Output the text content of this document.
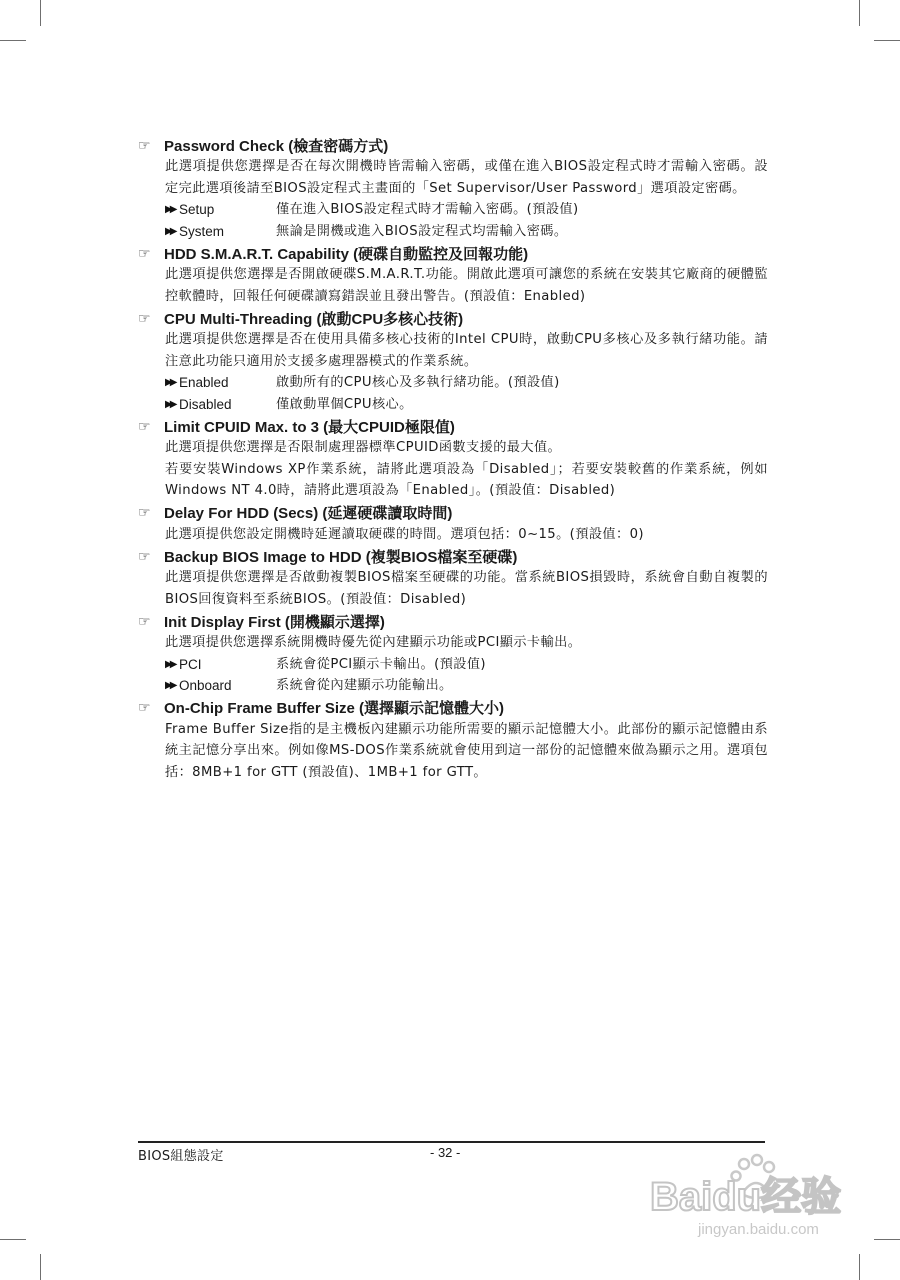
☞ Password Check (檢查密碼方式)

此選項提供您選擇是否在每次開機時皆需輸入密碼，或僅在進入BIOS設定程式時才需輸入密碼。設定完此選項後請至BIOS設定程式主畫面的「Set Supervisor/User Password」選項設定密碼。

▶▶ Setup	僅在進入BIOS設定程式時才需輸入密碼。(預設值)
▶▶ System	無論是開機或進入BIOS設定程式均需輸入密碼。
☞ HDD S.M.A.R.T. Capability (硬碟自動監控及回報功能)

此選項提供您選擇是否開啟硬碟S.M.A.R.T.功能。開啟此選項可讓您的系統在安裝其它廠商的硬體監控軟體時，回報任何硬碟讀寫錯誤並且發出警告。(預設值：Enabled)

☞ CPU Multi-Threading (啟動CPU多核心技術)

此選項提供您選擇是否在使用具備多核心技術的Intel CPU時，啟動CPU多核心及多執行緒功能。請注意此功能只適用於支援多處理器模式的作業系統。

▶▶ Enabled	啟動所有的CPU核心及多執行緒功能。(預設值)
▶▶ Disabled	僅啟動單個CPU核心。
☞ Limit CPUID Max. to 3 (最大CPUID極限值)

此選項提供您選擇是否限制處理器標準CPUID函數支援的最大值。

若要安裝Windows XP作業系統，請將此選項設為「Disabled」；若要安裝較舊的作業系統，例如Windows NT 4.0時，請將此選項設為「Enabled」。(預設值：Disabled)

☞ Delay For HDD (Secs) (延遲硬碟讀取時間)

此選項提供您設定開機時延遲讀取硬碟的時間。選項包括：0~15。(預設值：0)

☞ Backup BIOS Image to HDD (複製BIOS檔案至硬碟)

此選項提供您選擇是否啟動複製BIOS檔案至硬碟的功能。當系統BIOS損毀時，系統會自動自複製的BIOS回復資料至系統BIOS。(預設值：Disabled)

☞ Init Display First (開機顯示選擇)

此選項提供您選擇系統開機時優先從內建顯示功能或PCI顯示卡輸出。

▶▶ PCI	系統會從PCI顯示卡輸出。(預設值)
▶▶ Onboard	系統會從內建顯示功能輸出。
☞ On-Chip Frame Buffer Size (選擇顯示記憶體大小)

Frame Buffer Size指的是主機板內建顯示功能所需要的顯示記憶體大小。此部份的顯示記憶體由系統主記憶分享出來。例如像MS-DOS作業系統就會使用到這一部份的記憶體來做為顯示之用。選項包括：8MB+1 for GTT (預設值)、1MB+1 for GTT。

BIOS組態設定	- 32 -
Baidu经验
jingyan.baidu.com
